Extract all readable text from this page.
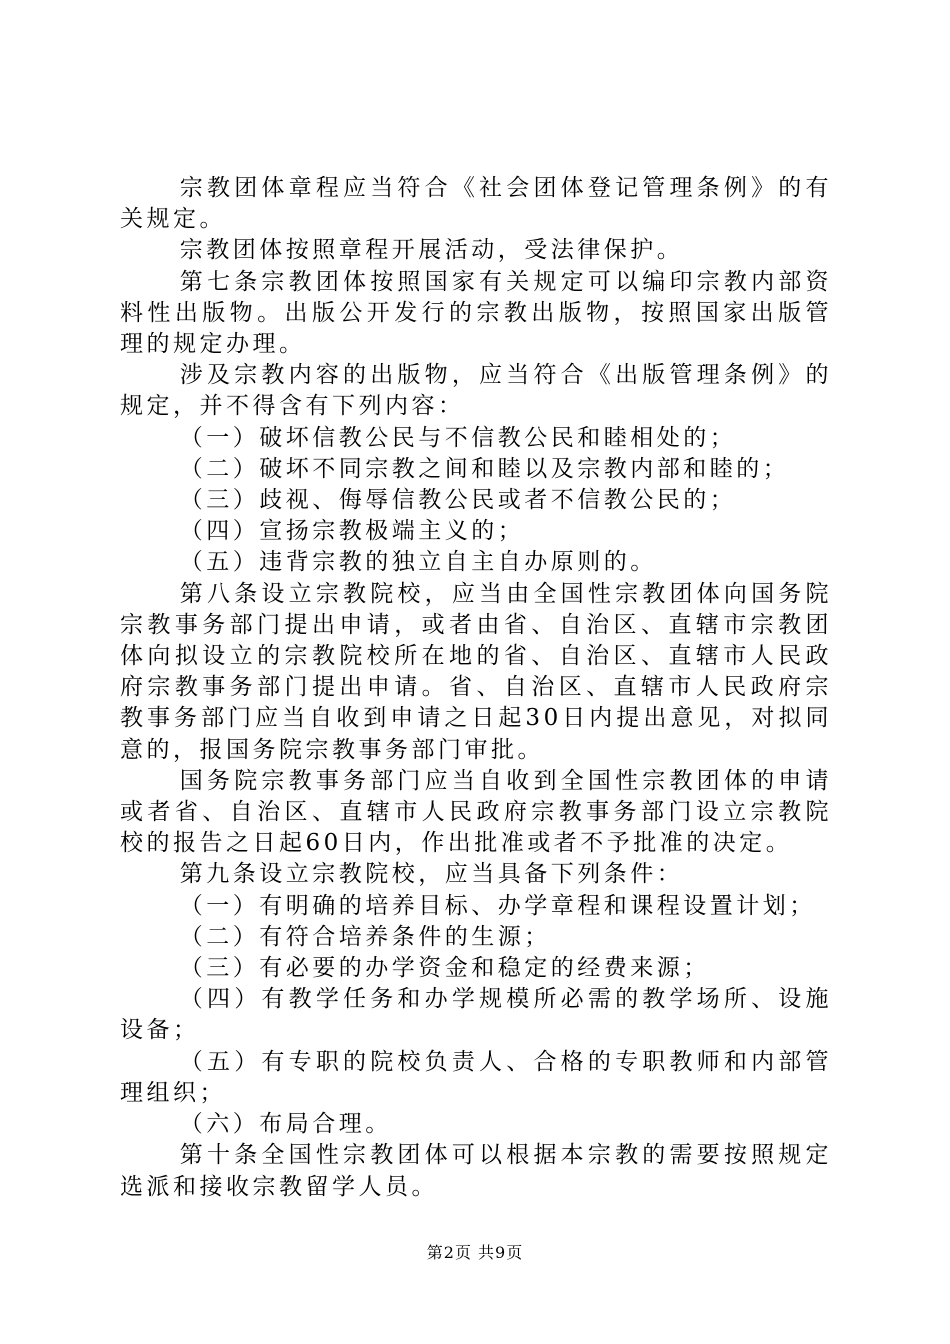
宗教团体章程应当符合《社会团体登记管理条例》的有关规定。

宗教团体按照章程开展活动，受法律保护。

第七条宗教团体按照国家有关规定可以编印宗教内部资料性出版物。出版公开发行的宗教出版物，按照国家出版管理的规定办理。

涉及宗教内容的出版物，应当符合《出版管理条例》的规定，并不得含有下列内容：

（一）破坏信教公民与不信教公民和睦相处的；

（二）破坏不同宗教之间和睦以及宗教内部和睦的；

（三）歧视、侮辱信教公民或者不信教公民的；

（四）宣扬宗教极端主义的；

（五）违背宗教的独立自主自办原则的。

第八条设立宗教院校，应当由全国性宗教团体向国务院宗教事务部门提出申请，或者由省、自治区、直辖市宗教团体向拟设立的宗教院校所在地的省、自治区、直辖市人民政府宗教事务部门提出申请。省、自治区、直辖市人民政府宗教事务部门应当自收到申请之日起30日内提出意见，对拟同意的，报国务院宗教事务部门审批。

国务院宗教事务部门应当自收到全国性宗教团体的申请或者省、自治区、直辖市人民政府宗教事务部门设立宗教院校的报告之日起60日内，作出批准或者不予批准的决定。

第九条设立宗教院校，应当具备下列条件：

（一）有明确的培养目标、办学章程和课程设置计划；

（二）有符合培养条件的生源；

（三）有必要的办学资金和稳定的经费来源；

（四）有教学任务和办学规模所必需的教学场所、设施设备；

（五）有专职的院校负责人、合格的专职教师和内部管理组织；

（六）布局合理。

第十条全国性宗教团体可以根据本宗教的需要按照规定选派和接收宗教留学人员。

第2页 共9页
